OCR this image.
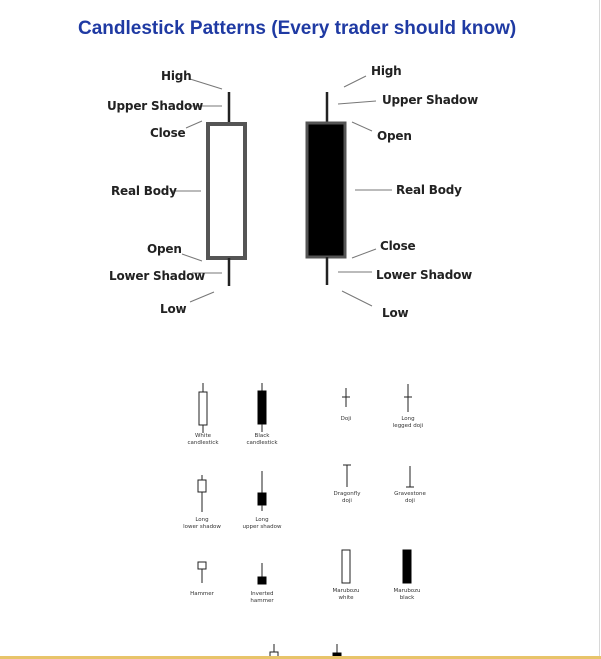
Candlestick Patterns (Every trader should know)
High
Upper Shadow
Close
Real Body
Open
Lower Shadow
Low
High
Upper Shadow
Open
Real Body
Close
Lower Shadow
Low
White
candlestick
Black
candlestick
Doji	Long
legged doji
Long
lower shadow
Long
upper shadow
Dragonfly
doji
Gravestone
doji
Hammer	Inverted
hammer
Marubozu
white
Marubozu
black
